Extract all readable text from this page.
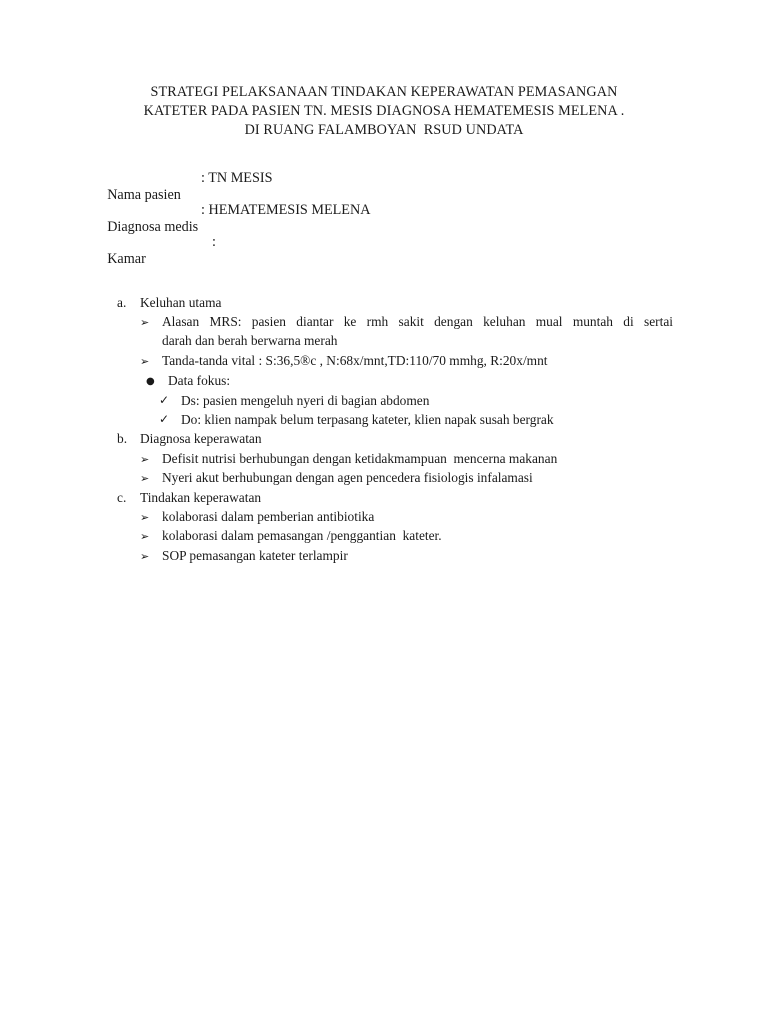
STRATEGI PELAKSANAAN TINDAKAN KEPERAWATAN PEMASANGAN
KATETER PADA PASIEN TN. MESIS DIAGNOSA HEMATEMESIS MELENA .
DI RUANG FALAMBOYAN  RSUD UNDATA

Nama pasien

: TN MESIS

Diagnosa medis

: HEMATEMESIS MELENA

Kamar

:

a. Keluhan utama
➢ Alasan MRS: pasien diantar ke rmh sakit dengan keluhan mual muntah di sertai
darah dan berah berwarna merah
➢ Tanda-tanda vital : S:36,5®c , N:68x/mnt,TD:110/70 mmhg, R:20x/mnt
● Data fokus:
✓ Ds: pasien mengeluh nyeri di bagian abdomen
✓ Do: klien nampak belum terpasang kateter, klien napak susah bergrak
b. Diagnosa keperawatan
➢ Defisit nutrisi berhubungan dengan ketidakmampuan  mencerna makanan
➢ Nyeri akut berhubungan dengan agen pencedera fisiologis infalamasi
c. Tindakan keperawatan
➢ kolaborasi dalam pemberian antibiotika
➢ kolaborasi dalam pemasangan /penggantian  kateter.
➢ SOP pemasangan kateter terlampir
